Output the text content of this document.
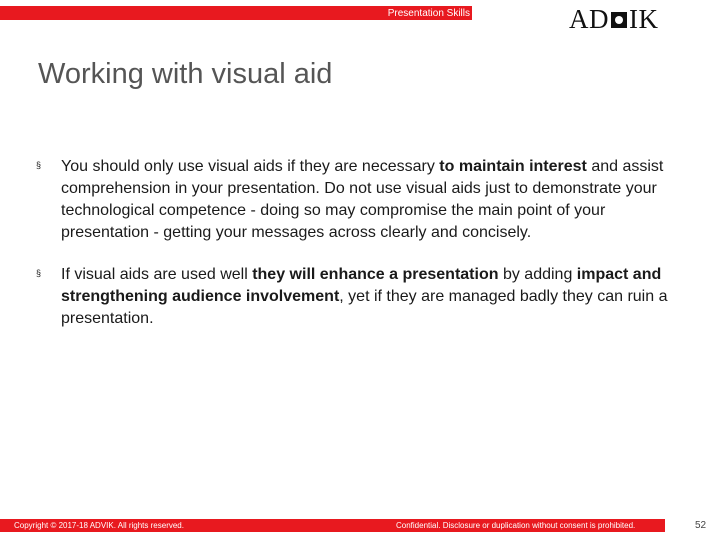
Presentation Skills	AD IK
Working with visual aid
§	You should only use visual aids if they are necessary to maintain interest and assist comprehension in your presentation. Do not use visual aids just to demonstrate your technological competence - doing so may compromise the main point of your presentation - getting your messages across clearly and concisely.
§	If visual aids are used well they will enhance a presentation by adding impact and strengthening audience involvement, yet if they are managed badly they can ruin a presentation.
Copyright © 2017-18 ADVIK. All rights reserved.	Confidential. Disclosure or duplication without consent is prohibited.	52
